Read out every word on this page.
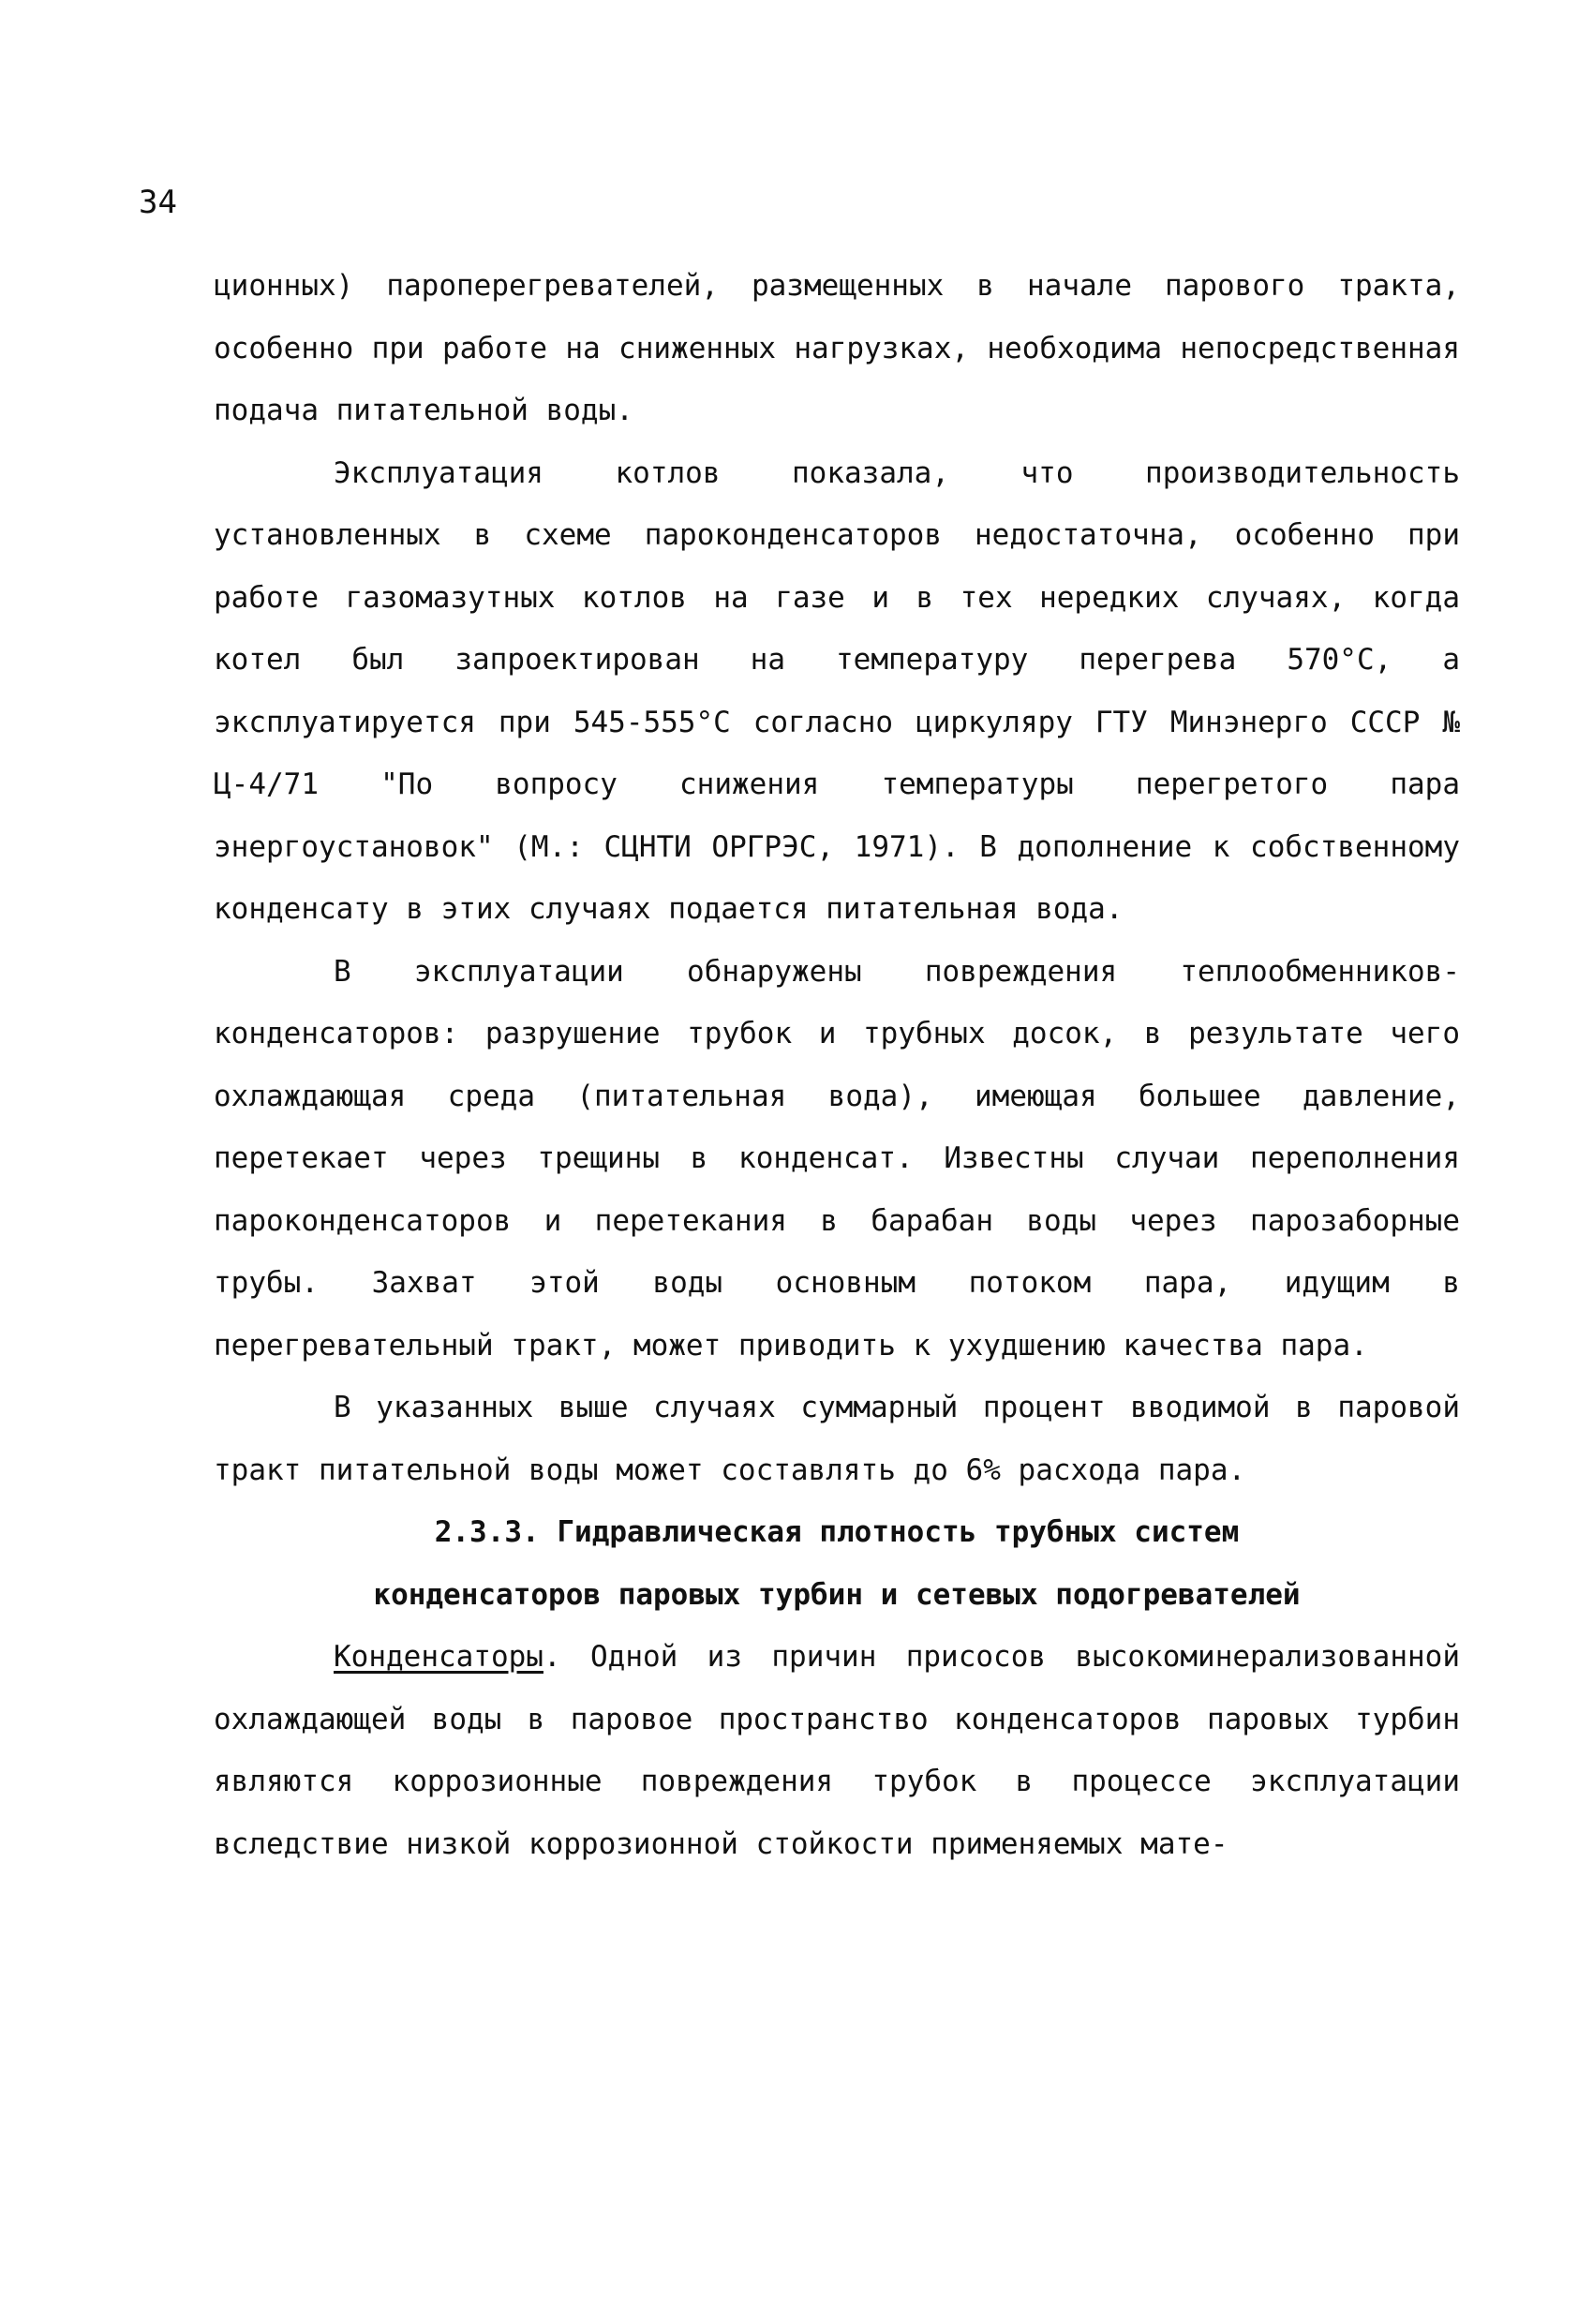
34

ционных) пароперегревателей, размещенных в начале парового тракта, особенно при работе на сниженных нагрузках, необходима непосредственная подача питательной воды.

Эксплуатация котлов показала, что производительность установленных в схеме пароконденсаторов недостаточна, особенно при работе газомазутных котлов на газе и в тех нередких случаях, когда котел был запроектирован на температуру перегрева 570°С, а эксплуатируется при 545-555°С согласно циркуляру ГТУ Минэнерго СССР № Ц-4/71 "По вопросу снижения температуры перегретого пара энергоустановок" (М.: СЦНТИ ОРГРЭС, 1971). В дополнение к собственному конденсату в этих случаях подается питательная вода.

В эксплуатации обнаружены повреждения теплообменников-конденсаторов: разрушение трубок и трубных досок, в результате чего охлаждающая среда (питательная вода), имеющая большее давление, перетекает через трещины в конденсат. Известны случаи переполнения пароконденсаторов и перетекания в барабан воды через парозаборные трубы. Захват этой воды основным потоком пара, идущим в перегревательный тракт, может приводить к ухудшению качества пара.

В указанных выше случаях суммарный процент вводимой в паровой тракт питательной воды может составлять до 6% расхода пара.

2.3.3. Гидравлическая плотность трубных систем конденсаторов паровых турбин и сетевых подогревателей

Конденсаторы. Одной из причин присосов высокоминерализованной охлаждающей воды в паровое пространство конденсаторов паровых турбин являются коррозионные повреждения трубок в процессе эксплуатации вследствие низкой коррозионной стойкости применяемых мате-
